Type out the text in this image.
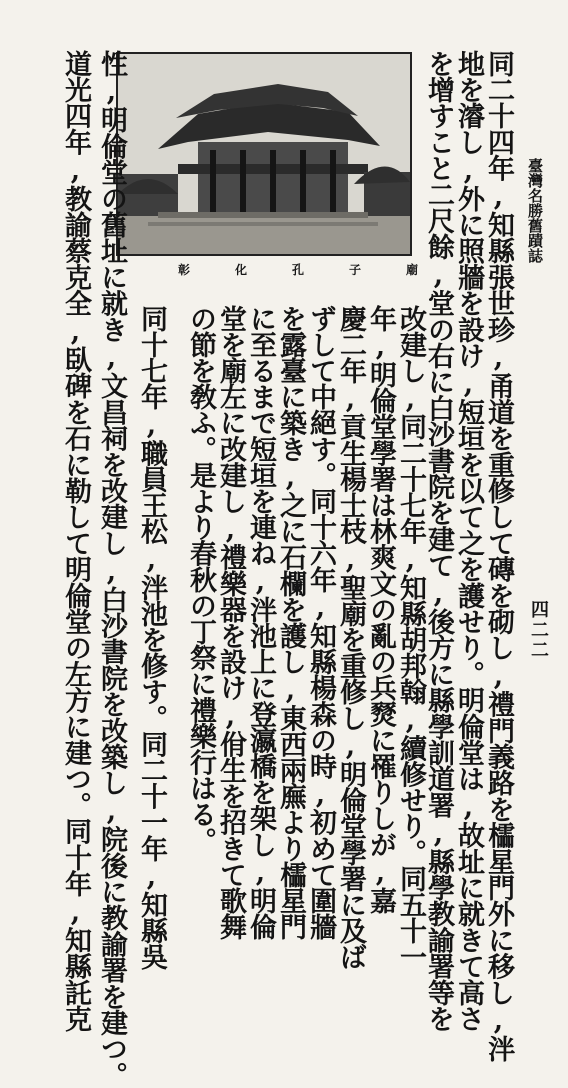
臺灣名勝舊蹟誌
四二二
同二十四年,知縣張世珍,甬道を重修して磚を砌し,禮門義路を櫺星門外に移し,泮
地を濬し,外に照牆を設け,短垣を以て之を護せり。明倫堂は,故址に就きて高さ
を增すこと二尺餘,堂の右に白沙書院を建て,後方に縣學訓道署,縣學教諭署等を
彰化孔子廟
改建し,同二十七年,知縣胡邦翰,續修せり。同五十一
年,明倫堂學署は林爽文の亂の兵燹に罹りしが,嘉
慶二年,貢生楊士枝,聖廟を重修し,明倫堂學署に及ば
ずして中絕す。同十六年,知縣楊森の時,初めて圍牆
を露臺に築き,之に石欄を護し,東西兩廡より櫺星門
に至るまで短垣を連ね,泮池上に登瀛橋を架し,明倫
堂を廟左に改建し,禮樂器を設け,佾生を招きて歌舞
の節を敎ふ。是より春秋の丁祭に禮樂行はる。
同十七年,職員王松,泮池を修す。同二十一年,知縣吳
性,明倫堂の舊址に就き,文昌祠を改建し,白沙書院を改築し,院後に教諭署を建つ。
道光四年,教諭蔡克全,臥碑を石に勒して明倫堂の左方に建つ。同十年,知縣託克
